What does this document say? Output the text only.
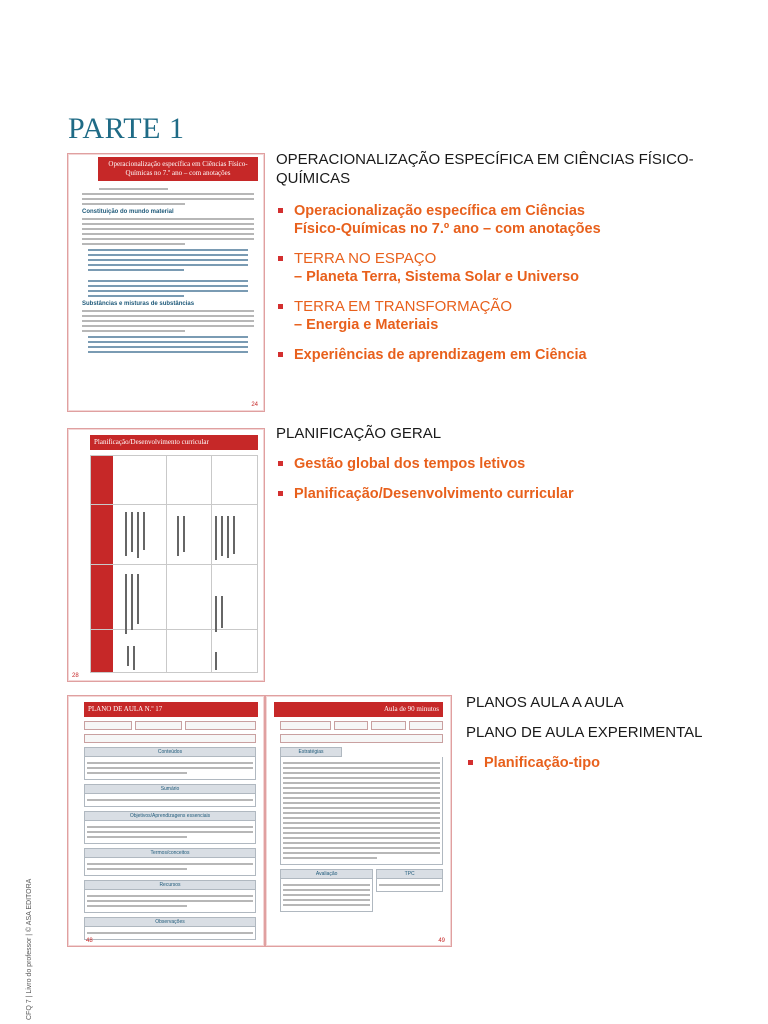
PARTE 1
Operacionalização específica em Ciências Físico-Químicas no 7.º ano – com anotações
Constituição do mundo material
Substâncias e misturas de substâncias
24
Planificação/Desenvolvimento curricular
28
PLANO DE AULA N.º 17
Conteúdos
Sumário
Objetivos/Aprendizagens essenciais
Termos/conceitos
Recursos
Observações
48
Aula de 90 minutos
Estratégias
Avaliação	TPC
49
OPERACIONALIZAÇÃO ESPECÍFICA EM CIÊNCIAS FÍSICO-QUÍMICAS
Operacionalização específica em Ciências
Físico-Químicas no 7.º ano – com anotações
TERRA NO ESPAÇO
– Planeta Terra, Sistema Solar e Universo
TERRA EM TRANSFORMAÇÃO
– Energia e Materiais
Experiências de aprendizagem em Ciência
PLANIFICAÇÃO GERAL
Gestão global dos tempos letivos
Planificação/Desenvolvimento curricular
PLANOS AULA A AULA
PLANO DE AULA EXPERIMENTAL
Planificação-tipo
CFQ 7 | Livro do professor | © ASA EDITORA
